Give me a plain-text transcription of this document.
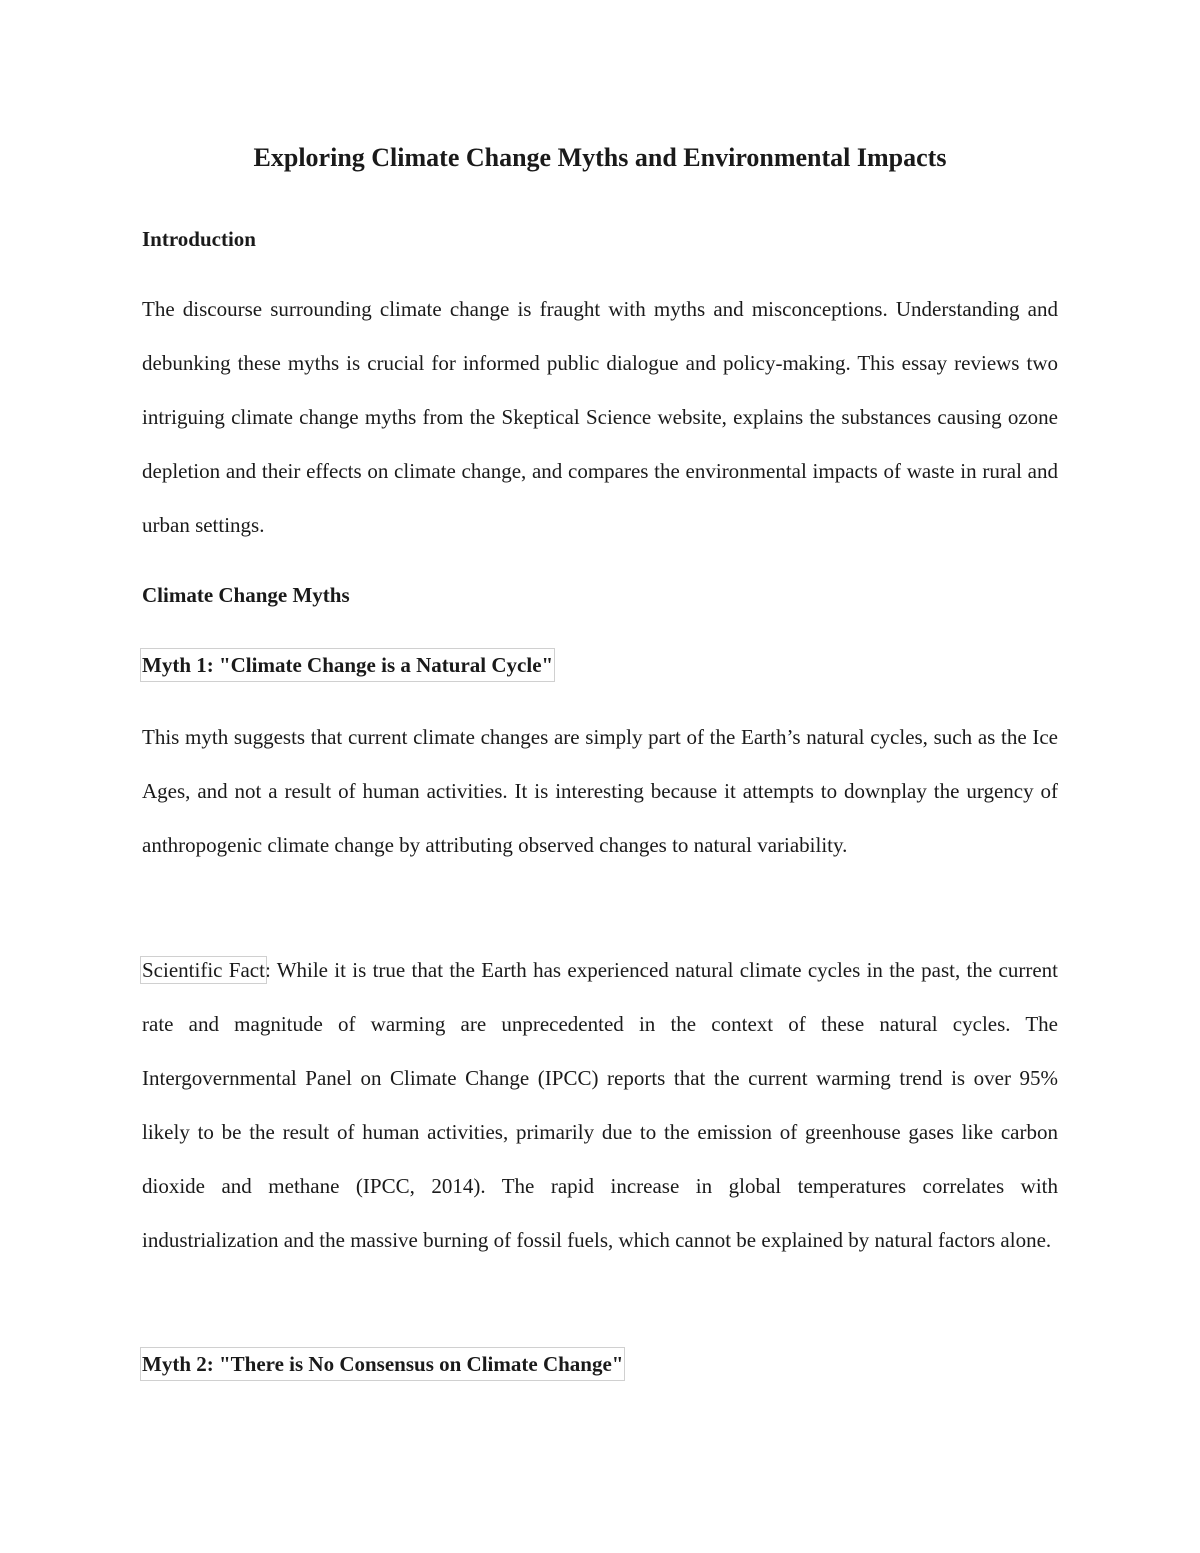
Exploring Climate Change Myths and Environmental Impacts
Introduction

The discourse surrounding climate change is fraught with myths and misconceptions. Understanding and debunking these myths is crucial for informed public dialogue and policy-making. This essay reviews two intriguing climate change myths from the Skeptical Science website, explains the substances causing ozone depletion and their effects on climate change, and compares the environmental impacts of waste in rural and urban settings.

Climate Change Myths
Myth 1: "Climate Change is a Natural Cycle"

This myth suggests that current climate changes are simply part of the Earth’s natural cycles, such as the Ice Ages, and not a result of human activities. It is interesting because it attempts to downplay the urgency of anthropogenic climate change by attributing observed changes to natural variability.

Scientific Fact: While it is true that the Earth has experienced natural climate cycles in the past, the current rate and magnitude of warming are unprecedented in the context of these natural cycles. The Intergovernmental Panel on Climate Change (IPCC) reports that the current warming trend is over 95% likely to be the result of human activities, primarily due to the emission of greenhouse gases like carbon dioxide and methane (IPCC, 2014). The rapid increase in global temperatures correlates with industrialization and the massive burning of fossil fuels, which cannot be explained by natural factors alone.

Myth 2: "There is No Consensus on Climate Change"
